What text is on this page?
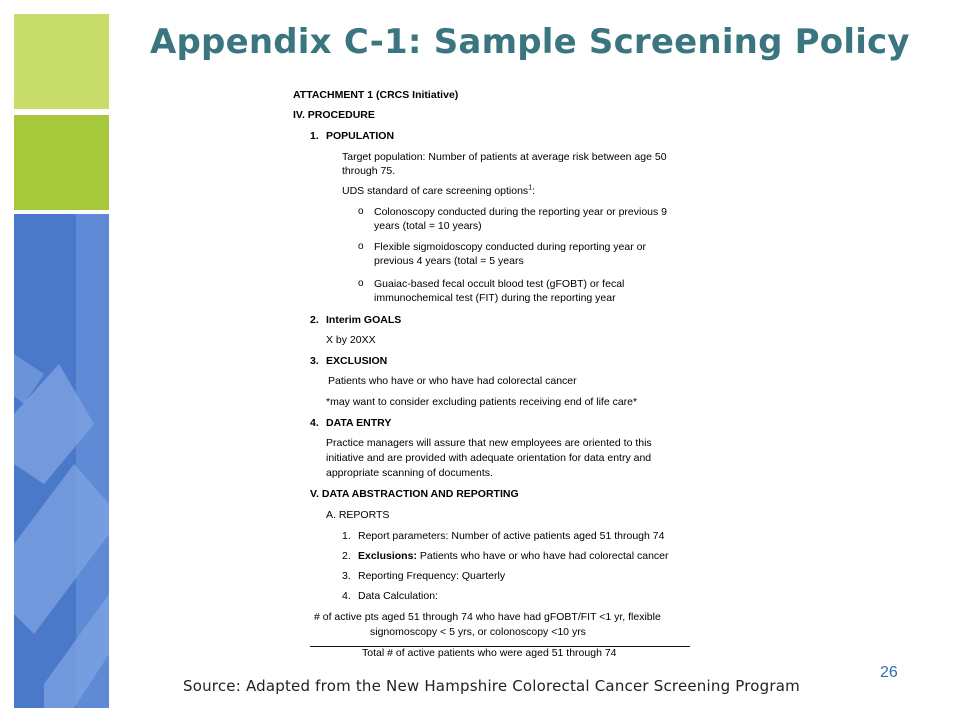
Appendix C-1: Sample Screening Policy
ATTACHMENT 1 (CRCS Initiative)
IV. PROCEDURE
1. POPULATION
Target population: Number of patients at average risk between age 50
through 75.
UDS standard of care screening options$^1$:
o Colonoscopy conducted during the reporting year or previous 9
years (total = 10 years)
o Flexible sigmoidoscopy conducted during reporting year or
previous 4 years (total = 5 years
o Guaiac-based fecal occult blood test (gFOBT) or fecal
immunochemical test (FIT) during the reporting year
2. Interim GOALS
X by 20XX
3. EXCLUSION
Patients who have or who have had colorectal cancer
*may want to consider excluding patients receiving end of life care*
4. DATA ENTRY
Practice managers will assure that new employees are oriented to this
initiative and are provided with adequate orientation for data entry and
appropriate scanning of documents.
V. DATA ABSTRACTION AND REPORTING
A. REPORTS
1. Report parameters: Number of active patients aged 51 through 74
2. Exclusions: Patients who have or who have had colorectal cancer
3. Reporting Frequency: Quarterly
4. Data Calculation:
# of active pts aged 51 through 74 who have had gFOBT/FIT <1 yr, flexible
signomoscopy < 5 yrs, or colonoscopy <10 yrs
Total # of active patients who were aged 51 through 74
26
Source: Adapted from the New Hampshire Colorectal Cancer Screening Program
